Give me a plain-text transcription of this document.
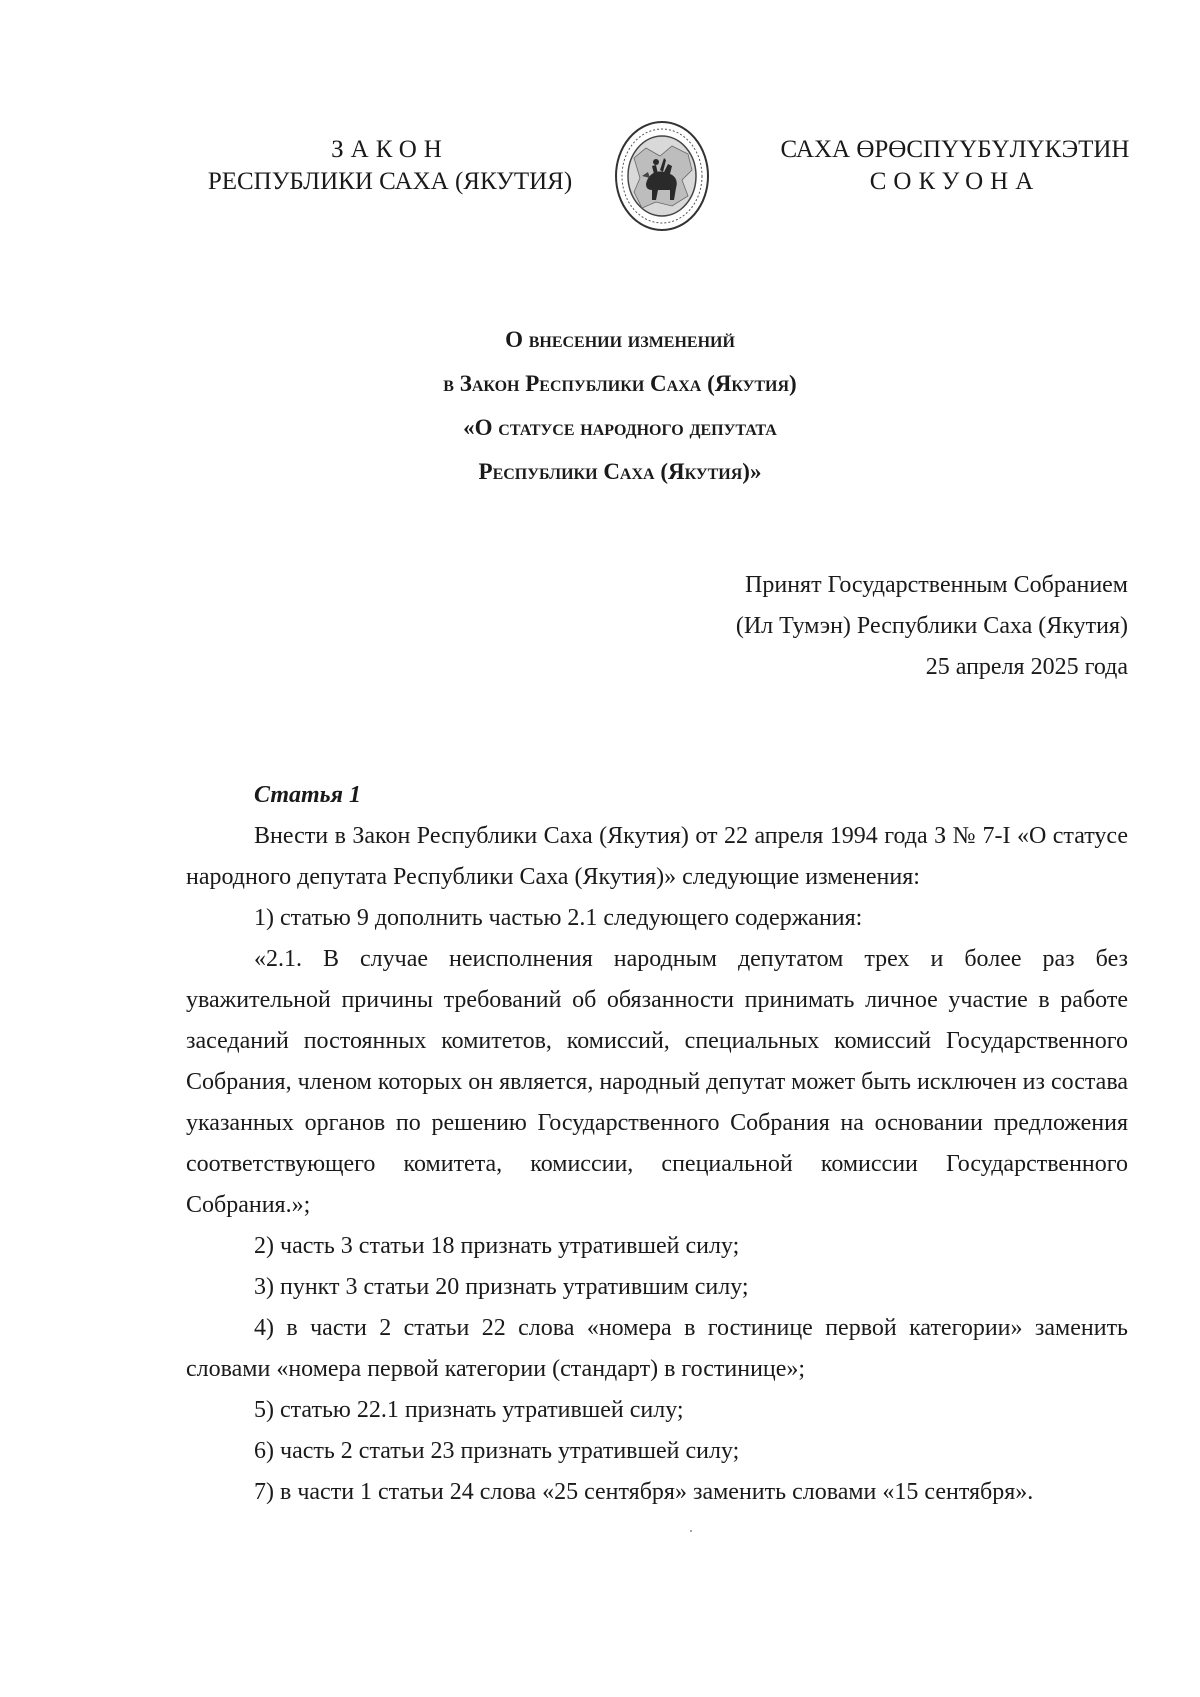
ЗАКОН
РЕСПУБЛИКИ САХА (ЯКУТИЯ)
САХА ӨРӨСПҮҮБҮЛҮКЭТИН
СОКУОНА
О внесении изменений
в Закон Республики Саха (Якутия)
«О статусе народного депутата
Республики Саха (Якутия)»
Принят Государственным Собранием
(Ил Тумэн) Республики Саха (Якутия)
25 апреля 2025 года
Статья 1

Внести в Закон Республики Саха (Якутия) от 22 апреля 1994 года З № 7-I «О статусе народного депутата Республики Саха (Якутия)» следующие изменения:

1) статью 9 дополнить частью 2.1 следующего содержания:

«2.1. В случае неисполнения народным депутатом трех и более раз без уважительной причины требований об обязанности принимать личное участие в работе заседаний постоянных комитетов, комиссий, специальных комиссий Государственного Собрания, членом которых он является, народный депутат может быть исключен из состава указанных органов по решению Государственного Собрания на основании предложения соответствующего комитета, комиссии, специальной комиссии Государственного Собрания.»;

2) часть 3 статьи 18 признать утратившей силу;

3) пункт 3 статьи 20 признать утратившим силу;

4) в части 2 статьи 22 слова «номера в гостинице первой категории» заменить словами «номера первой категории (стандарт) в гостинице»;

5) статью 22.1 признать утратившей силу;

6) часть 2 статьи 23 признать утратившей силу;

7) в части 1 статьи 24 слова «25 сентября» заменить словами «15 сентября».
